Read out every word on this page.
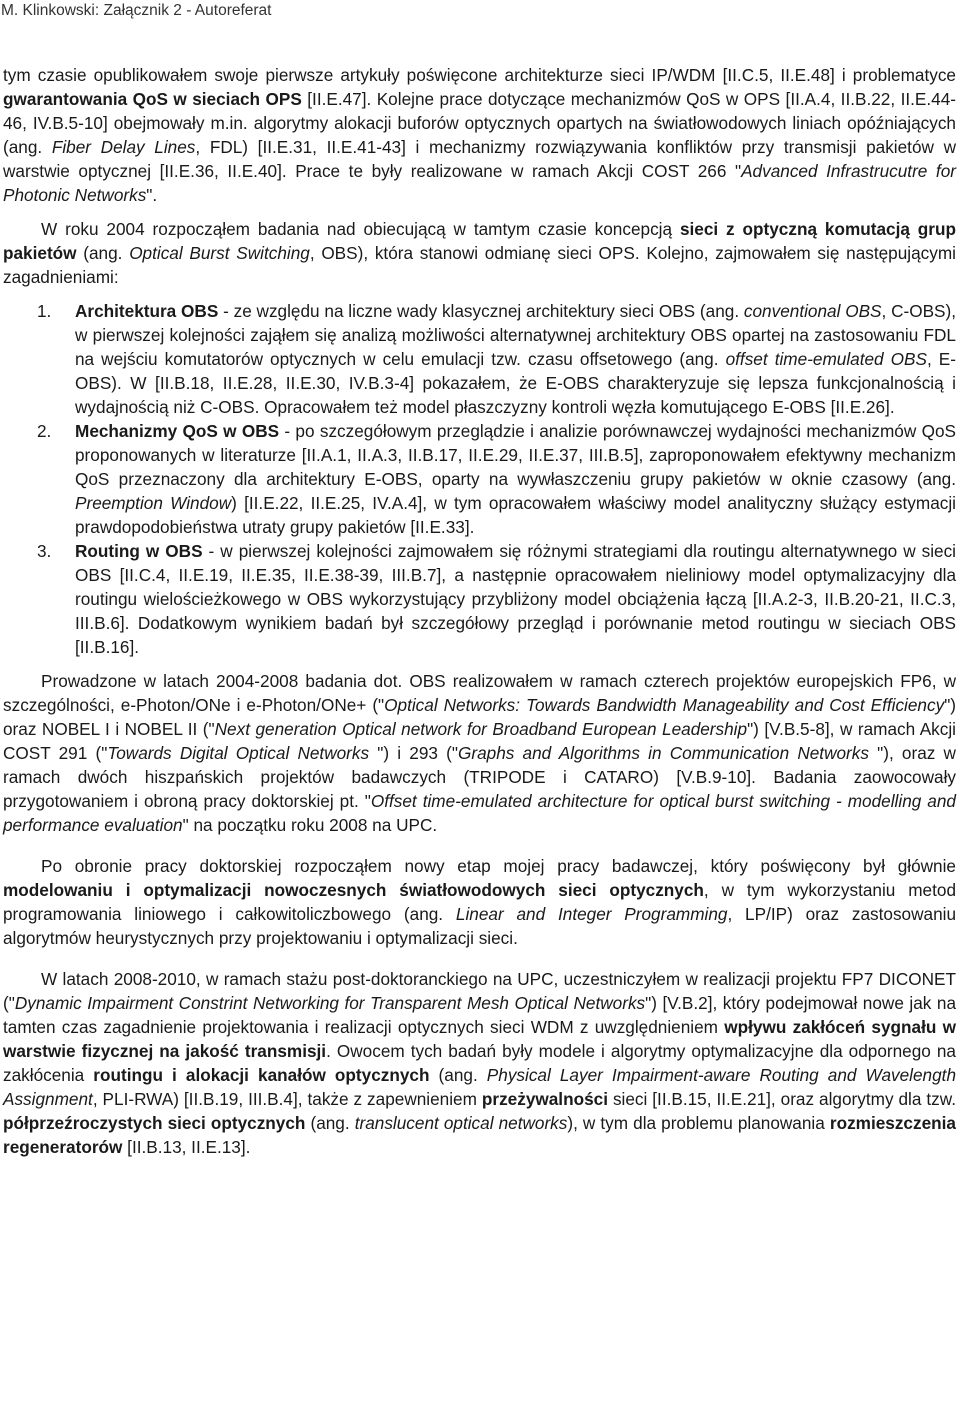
M. Klinkowski: Załącznik 2 - Autoreferat

tym czasie opublikowałem swoje pierwsze artykuły poświęcone architekturze sieci IP/WDM [II.C.5, II.E.48] i problematyce gwarantowania QoS w sieciach OPS [II.E.47]. Kolejne prace dotyczące mechanizmów QoS w OPS [II.A.4, II.B.22, II.E.44-46, IV.B.5-10] obejmowały m.in. algorytmy alokacji buforów optycznych opartych na światłowodowych liniach opóźniających (ang. Fiber Delay Lines, FDL) [II.E.31, II.E.41-43] i mechanizmy rozwiązywania konfliktów przy transmisji pakietów w warstwie optycznej [II.E.36, II.E.40]. Prace te były realizowane w ramach Akcji COST 266 "Advanced Infrastrucutre for Photonic Networks".

W roku 2004 rozpocząłem badania nad obiecującą w tamtym czasie koncepcją sieci z optyczną komutacją grup pakietów (ang. Optical Burst Switching, OBS), która stanowi odmianę sieci OPS. Kolejno, zajmowałem się następującymi zagadnieniami:

1. Architektura OBS - ze względu na liczne wady klasycznej architektury sieci OBS (ang. conventional OBS, C-OBS), w pierwszej kolejności zająłem się analizą możliwości alternatywnej architektury OBS opartej na zastosowaniu FDL na wejściu komutatorów optycznych w celu emulacji tzw. czasu offsetowego (ang. offset time-emulated OBS, E-OBS). W [II.B.18, II.E.28, II.E.30, IV.B.3-4] pokazałem, że E-OBS charakteryzuje się lepsza funkcjonalnością i wydajnością niż C-OBS. Opracowałem też model płaszczyzny kontroli węzła komutującego E-OBS [II.E.26].
2. Mechanizmy QoS w OBS - po szczegółowym przeglądzie i analizie porównawczej wydajności mechanizmów QoS proponowanych w literaturze [II.A.1, II.A.3, II.B.17, II.E.29, II.E.37, III.B.5], zaproponowałem efektywny mechanizm QoS przeznaczony dla architektury E-OBS, oparty na wywłaszczeniu grupy pakietów w oknie czasowy (ang. Preemption Window) [II.E.22, II.E.25, IV.A.4], w tym opracowałem właściwy model analityczny służący estymacji prawdopodobieństwa utraty grupy pakietów [II.E.33].
3. Routing w OBS - w pierwszej kolejności zajmowałem się różnymi strategiami dla routingu alternatywnego w sieci OBS [II.C.4, II.E.19, II.E.35, II.E.38-39, III.B.7], a następnie opracowałem nieliniowy model optymalizacyjny dla routingu wielościeżkowego w OBS wykorzystujący przybliżony model obciążenia łączą [II.A.2-3, II.B.20-21, II.C.3, III.B.6]. Dodatkowym wynikiem badań był szczegółowy przegląd i porównanie metod routingu w sieciach OBS [II.B.16].

Prowadzone w latach 2004-2008 badania dot. OBS realizowałem w ramach czterech projektów europejskich FP6, w szczególności, e-Photon/ONe i e-Photon/ONe+ ("Optical Networks: Towards Bandwidth Manageability and Cost Efficiency") oraz NOBEL I i NOBEL II ("Next generation Optical network for Broadband European Leadership") [V.B.5-8], w ramach Akcji COST 291 ("Towards Digital Optical Networks ") i 293 ("Graphs and Algorithms in Communication Networks "), oraz w ramach dwóch hiszpańskich projektów badawczych (TRIPODE i CATARO) [V.B.9-10]. Badania zaowocowały przygotowaniem i obroną pracy doktorskiej pt. "Offset time-emulated architecture for optical burst switching - modelling and performance evaluation" na początku roku 2008 na UPC.

Po obronie pracy doktorskiej rozpocząłem nowy etap mojej pracy badawczej, który poświęcony był głównie modelowaniu i optymalizacji nowoczesnych światłowodowych sieci optycznych, w tym wykorzystaniu metod programowania liniowego i całkowitoliczbowego (ang. Linear and Integer Programming, LP/IP) oraz zastosowaniu algorytmów heurystycznych przy projektowaniu i optymalizacji sieci.

W latach 2008-2010, w ramach stażu post-doktoranckiego na UPC, uczestniczyłem w realizacji projektu FP7 DICONET ("Dynamic Impairment Constrint Networking for Transparent Mesh Optical Networks") [V.B.2], który podejmował nowe jak na tamten czas zagadnienie projektowania i realizacji optycznych sieci WDM z uwzględnieniem wpływu zakłóceń sygnału w warstwie fizycznej na jakość transmisji. Owocem tych badań były modele i algorytmy optymalizacyjne dla odpornego na zakłócenia routingu i alokacji kanałów optycznych (ang. Physical Layer Impairment-aware Routing and Wavelength Assignment, PLI-RWA) [II.B.19, III.B.4], także z zapewnieniem przeżywalności sieci [II.B.15, II.E.21], oraz algorytmy dla tzw. półprzeźroczystych sieci optycznych (ang. translucent optical networks), w tym dla problemu planowania rozmieszczenia regeneratorów [II.B.13, II.E.13].
